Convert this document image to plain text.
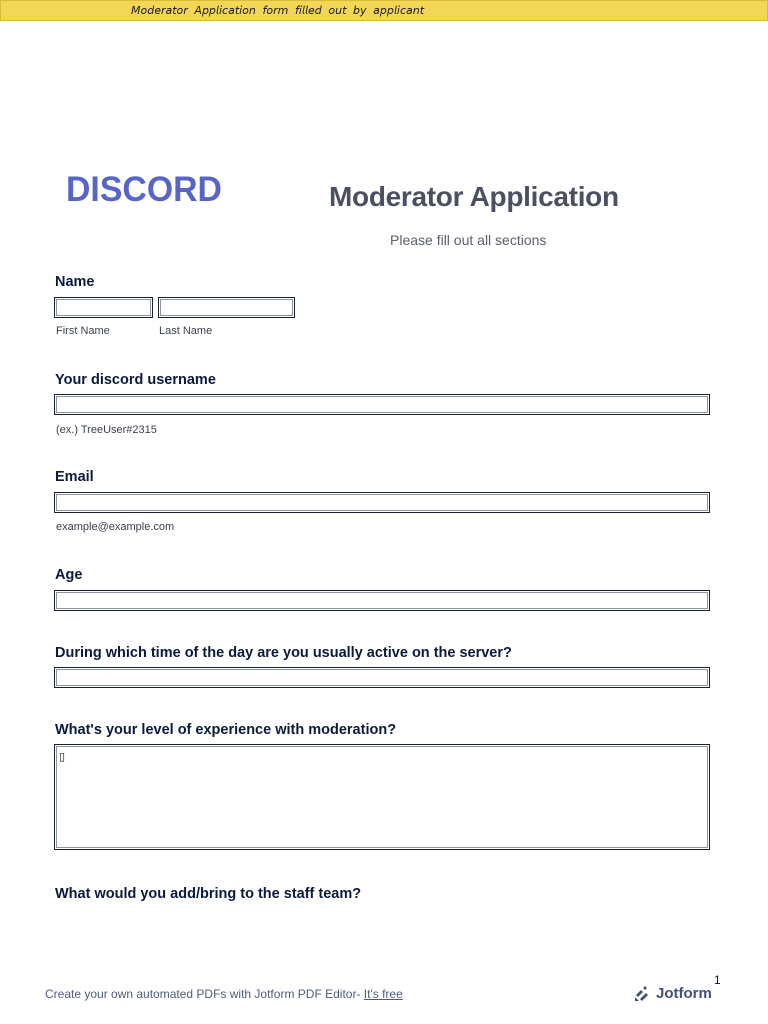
𝘔𝘰𝘥𝘦𝘳𝘢𝘵𝘰𝘳 𝘈𝘱𝘱𝘭𝘪𝘤𝘢𝘵𝘪𝘰𝘯 𝘧𝘰𝘳𝘮 𝘧𝘪𝘭𝘭𝘦𝘥 𝘰𝘶𝘵 𝘣𝘺 𝘢𝘱𝘱𝘭𝘪𝘤𝘢𝘯𝘵
DISCORD	Moderator Application
Please fill out all sections
Name
First Name	Last Name
Your discord username
(ex.) TreeUser#2315
Email
example@example.com
Age
During which time of the day are you usually active on the server?
What's your level of experience with moderation?
▯
What would you add/bring to the staff team?
1
Create your own automated PDFs with Jotform PDF Editor- It's free	Jotform
